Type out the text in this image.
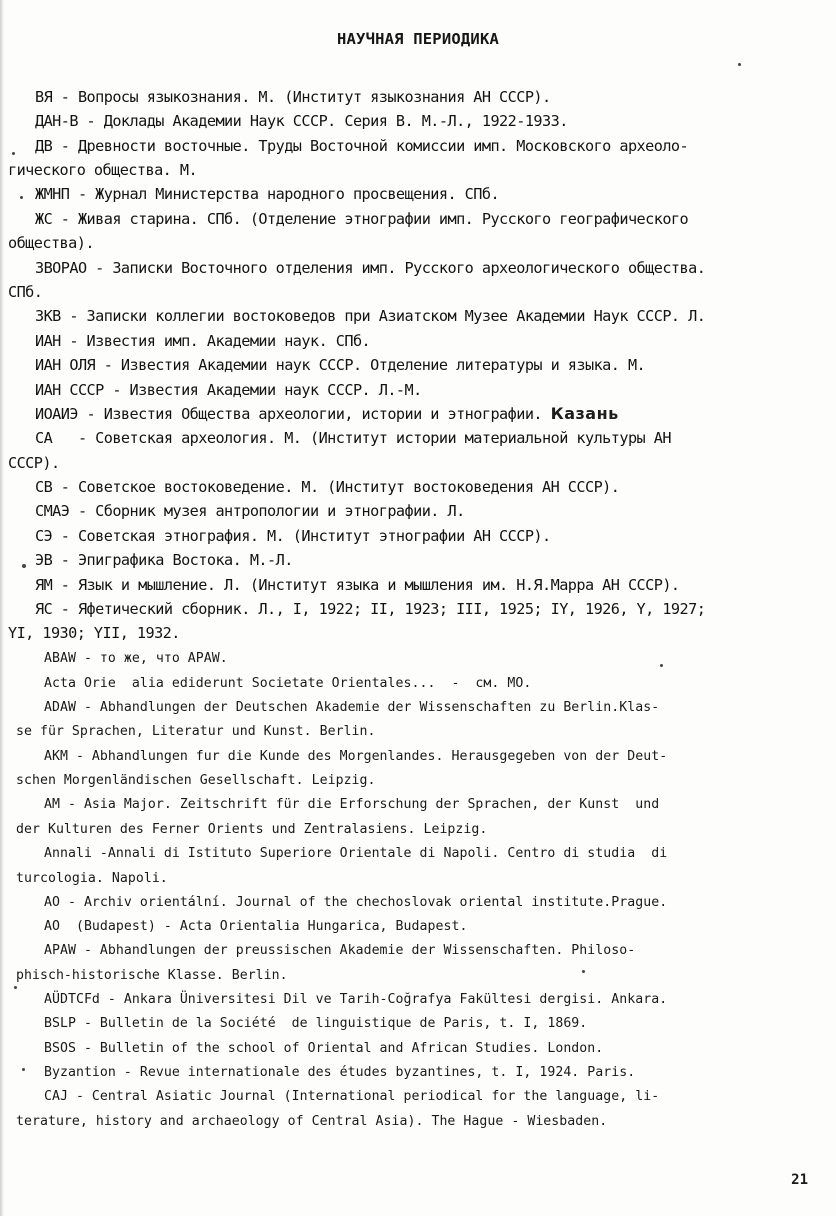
НАУЧНАЯ ПЕРИОДИКА
ВЯ - Вопросы языкознания. М. (Институт языкознания АН СССР).
ДАН-В - Доклады Академии Наук СССР. Серия В. М.-Л., 1922-1933.
ДВ - Древности восточные. Труды Восточной комиссии имп. Московского археоло-
гического общества. М.
ЖМНП - Журнал Министерства народного просвещения. СПб.
ЖС - Живая старина. СПб. (Отделение этнографии имп. Русского географического
общества).
ЗВОРАО - Записки Восточного отделения имп. Русского археологического общества.
СПб.
ЗКВ - Записки коллегии востоковедов при Азиатском Музее Академии Наук СССР. Л.
ИАН - Известия имп. Академии наук. СПб.
ИАН ОЛЯ - Известия Академии наук СССР. Отделение литературы и языка. М.
ИАН СССР - Известия Академии наук СССР. Л.-М.
ИОАИЭ - Известия Общества археологии, истории и этнографии. Казань
СА   - Советская археология. М. (Институт истории материальной культуры АН
СССР).
СВ - Советское востоковедение. М. (Институт востоковедения АН СССР).
СМАЭ - Сборник музея антропологии и этнографии. Л.
СЭ - Советская этнография. М. (Институт этнографии АН СССР).
ЭВ - Эпиграфика Востока. М.-Л.
ЯМ - Язык и мышление. Л. (Институт языка и мышления им. Н.Я.Марра АН СССР).
ЯС - Яфетический сборник. Л., I, 1922; II, 1923; III, 1925; IY, 1926, Y, 1927;
YI, 1930; YII, 1932.
ABAW - то же, что APAW.
Acta Orie  alia ediderunt Societate Orientales...  -  см. МО.
ADAW - Abhandlungen der Deutschen Akademie der Wissenschaften zu Berlin.Klas-
se für Sprachen, Literatur und Kunst. Berlin.
AKM - Abhandlungen fur die Kunde des Morgenlandes. Herausgegeben von der Deut-
schen Morgenländischen Gesellschaft. Leipzig.
AM - Asia Major. Zeitschrift für die Erforschung der Sprachen, der Kunst  und
der Kulturen des Ferner Orients und Zentralasiens. Leipzig.
Annali -Annali di Istituto Superiore Orientale di Napoli. Centro di studia  di
turcologia. Napoli.
AO - Archiv orientální. Journal of the chechoslovak oriental institute.Prague.
AO  (Budapest) - Acta Orientalia Hungarica, Budapest.
APAW - Abhandlungen der preussischen Akademie der Wissenschaften. Philoso-
phisch-historische Klasse. Berlin.
AÜDTCFd - Ankara Üniversitesi Dil ve Tarih-Coğrafya Fakültesi dergisi. Ankara.
BSLP - Bulletin de la Société  de linguistique de Paris, t. I, 1869.
BSOS - Bulletin of the school of Oriental and African Studies. London.
Byzantion - Revue internationale des études byzantines, t. I, 1924. Paris.
CAJ - Central Asiatic Journal (International periodical for the language, li-
terature, history and archaeology of Central Asia). The Hague - Wiesbaden.
21
